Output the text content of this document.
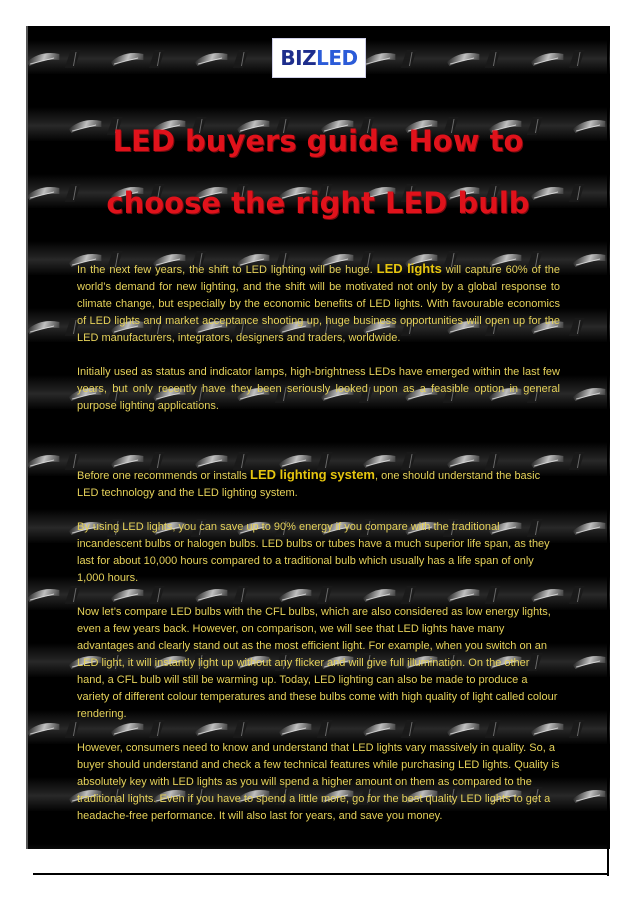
BIZLED
LED buyers guide How to
choose the right LED bulb

In the next few years, the shift to LED lighting will be huge. LED lights will capture 60% of the world’s demand for new lighting, and the shift will be motivated not only by a global response to climate change, but especially by the economic benefits of LED lights. With favourable economics of LED lights and market acceptance shooting up, huge business opportunities will open up for the LED manufacturers, integrators, designers and traders, worldwide.

Initially used as status and indicator lamps, high-brightness LEDs have emerged within the last few years, but only recently have they been seriously looked upon as a feasible option in general purpose lighting applications.

Before one recommends or installs LED lighting system, one should understand the basic LED technology and the LED lighting system.

By using LED lights, you can save up to 90% energy if you compare with the traditional incandescent bulbs or halogen bulbs. LED bulbs or tubes have a much superior life span, as they last for about 10,000 hours compared to a traditional bulb which usually has a life span of only 1,000 hours.

Now let’s compare LED bulbs with the CFL bulbs, which are also considered as low energy lights, even a few years back. However, on comparison, we will see that LED lights have many advantages and clearly stand out as the most efficient light. For example, when you switch on an LED light, it will instantly light up without any flicker and will give full illumination. On the other hand, a CFL bulb will still be warming up. Today, LED lighting can also be made to produce a variety of different colour temperatures and these bulbs come with high quality of light called colour rendering.

However, consumers need to know and understand that LED lights vary massively in quality. So, a buyer should understand and check a few technical features while purchasing LED lights. Quality is absolutely key with LED lights as you will spend a higher amount on them as compared to the traditional lights. Even if you have to spend a little more, go for the best quality LED lights to get a headache-free performance. It will also last for years, and save you money.
